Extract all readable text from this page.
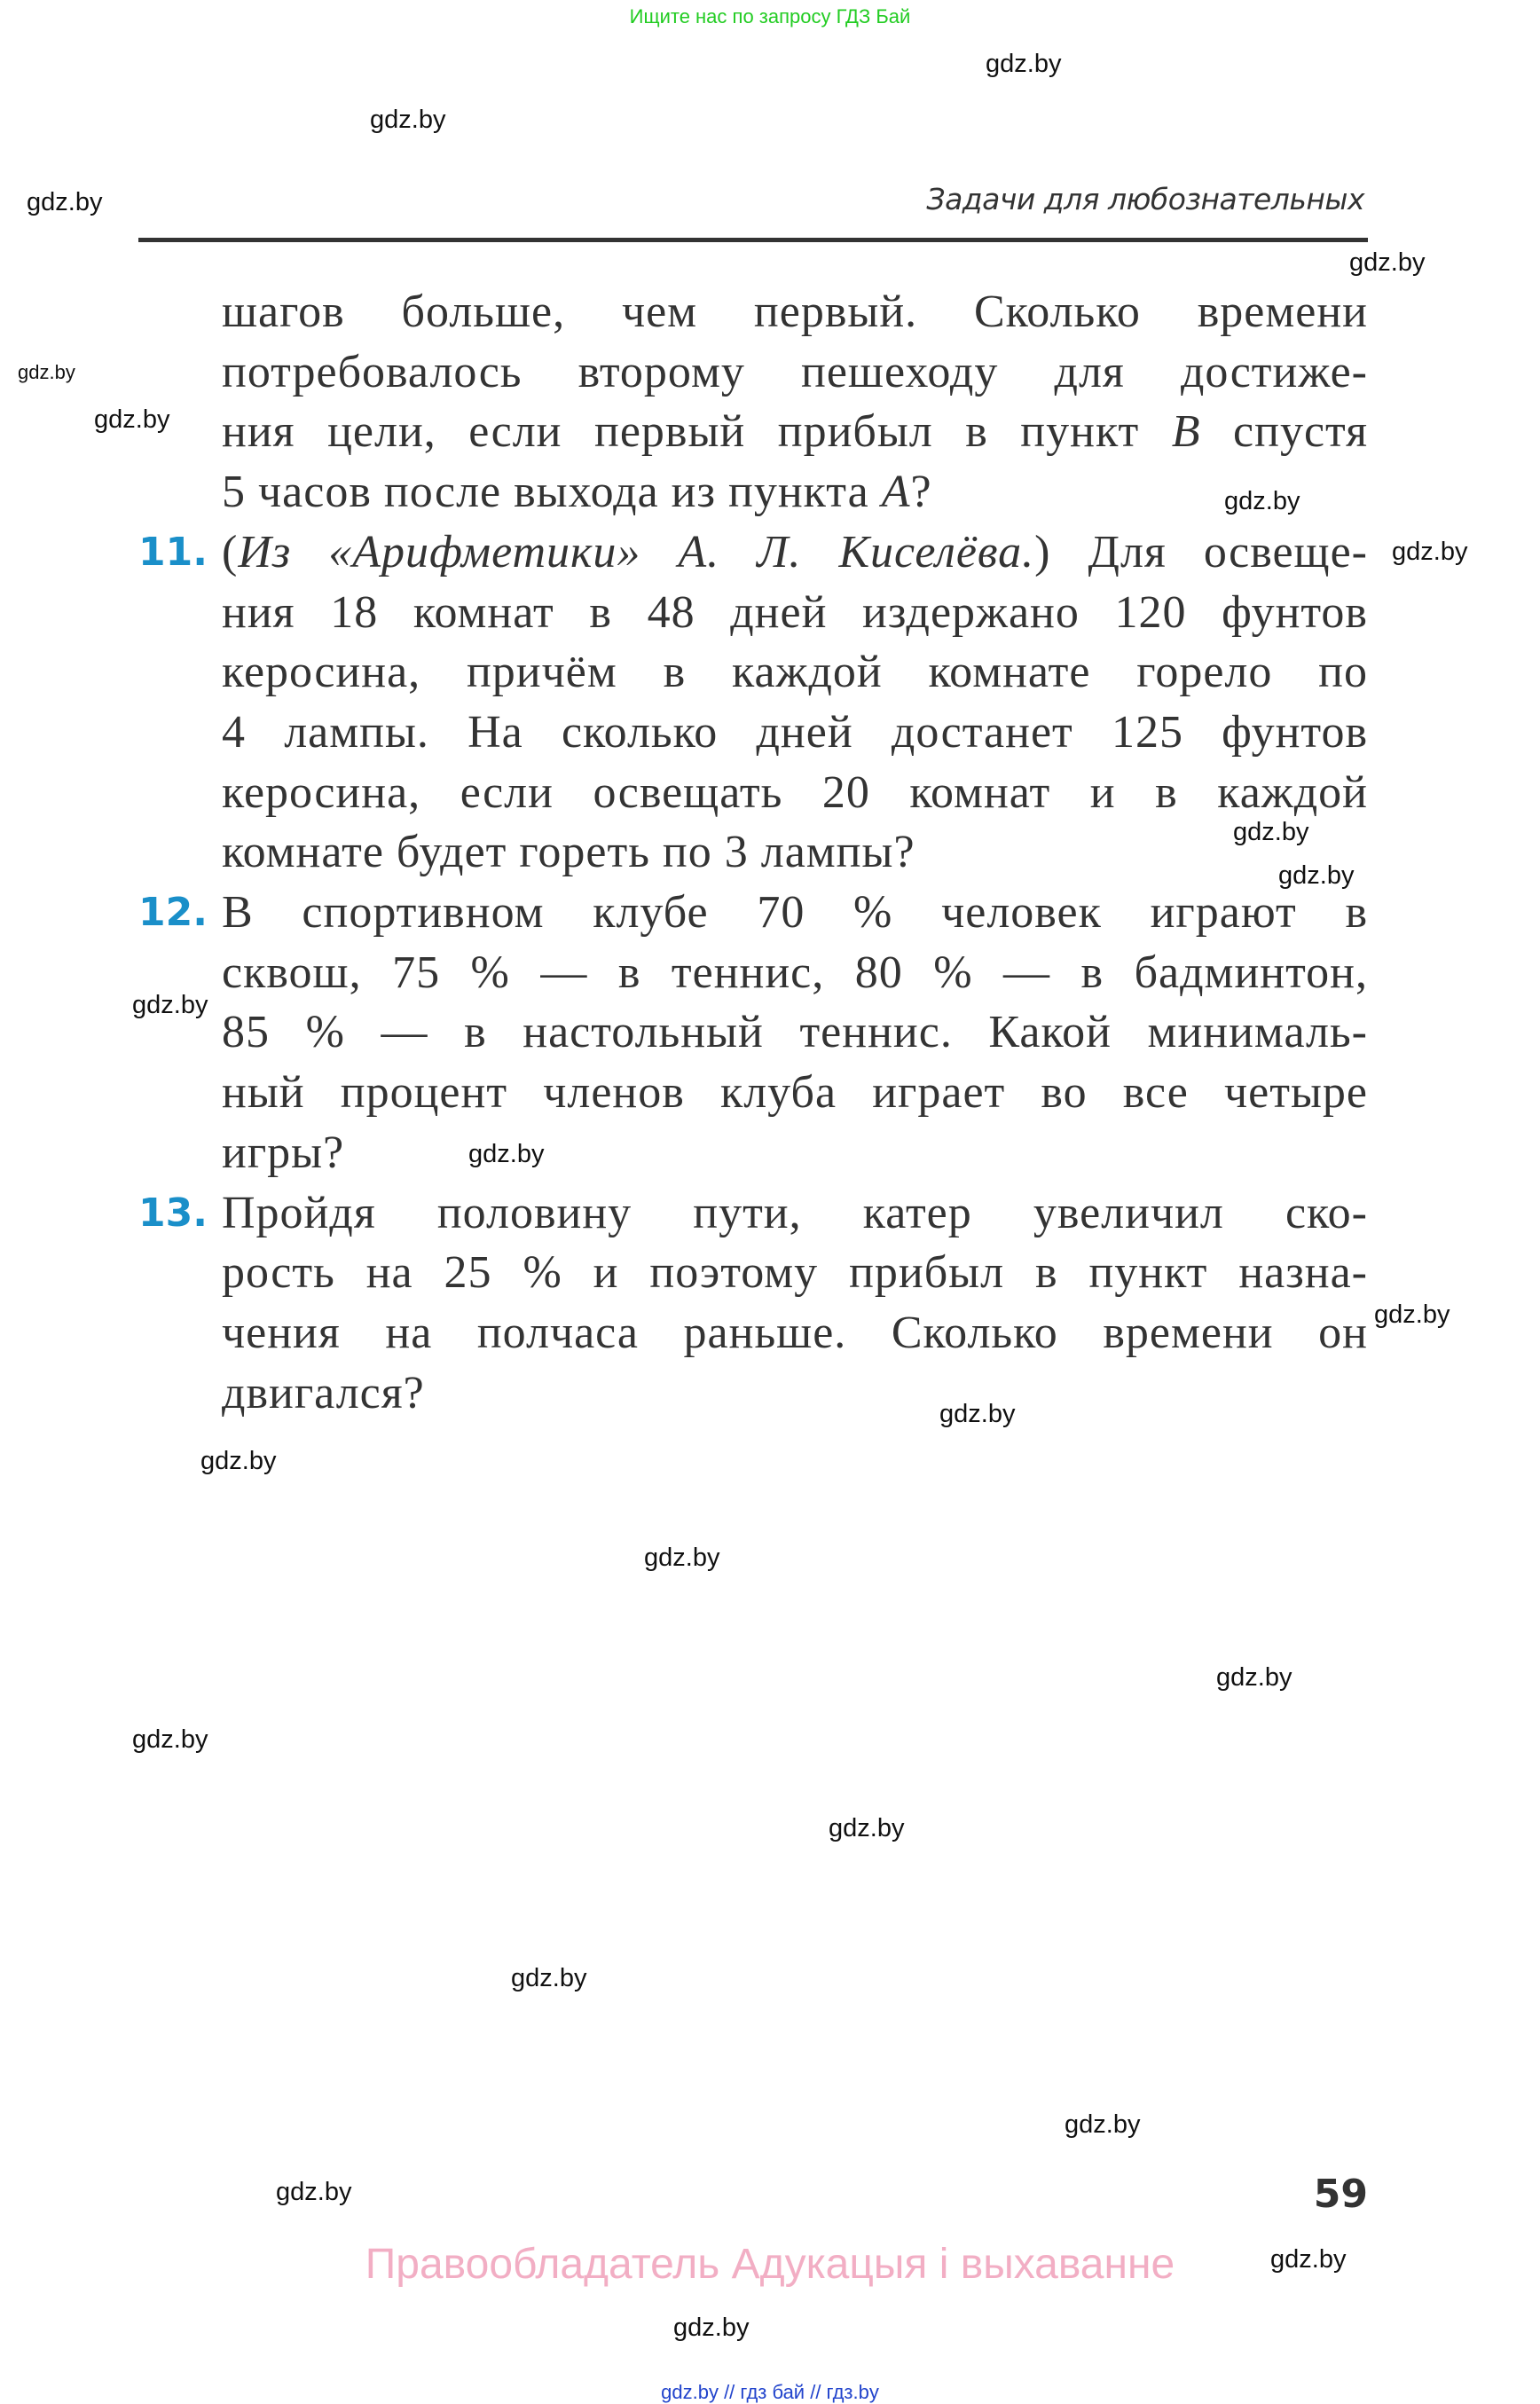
Ищите нас по запросу ГДЗ Бай
Задачи для любознательных
шагов больше, чем первый. Сколько времени
потребовалось второму пешеходу для достиже-
ния цели, если первый прибыл в пункт B спустя
5 часов после выхода из пункта A?
11. (Из «Арифметики» А. Л. Киселёва.) Для освеще-
ния 18 комнат в 48 дней издержано 120 фунтов
керосина, причём в каждой комнате горело по
4 лампы. На сколько дней достанет 125 фунтов
керосина, если освещать 20 комнат и в каждой
комнате будет гореть по 3 лампы?
12. В спортивном клубе 70 % человек играют в
сквош, 75 % — в теннис, 80 % — в бадминтон,
85 % — в настольный теннис. Какой минималь-
ный процент членов клуба играет во все четыре
игры?
13. Пройдя половину пути, катер увеличил ско-
рость на 25 % и поэтому прибыл в пункт назна-
чения на полчаса раньше. Сколько времени он
двигался?
gdz.by
gdz.by
gdz.by
gdz.by
gdz.by
gdz.by
gdz.by
gdz.by
gdz.by
gdz.by
gdz.by
gdz.by
gdz.by
gdz.by
gdz.by
gdz.by
gdz.by
gdz.by
gdz.by
gdz.by
gdz.by
gdz.by
gdz.by
gdz.by
59
Правообладатель Адукацыя і выхаванне
gdz.by // гдз бай // гдз.by
